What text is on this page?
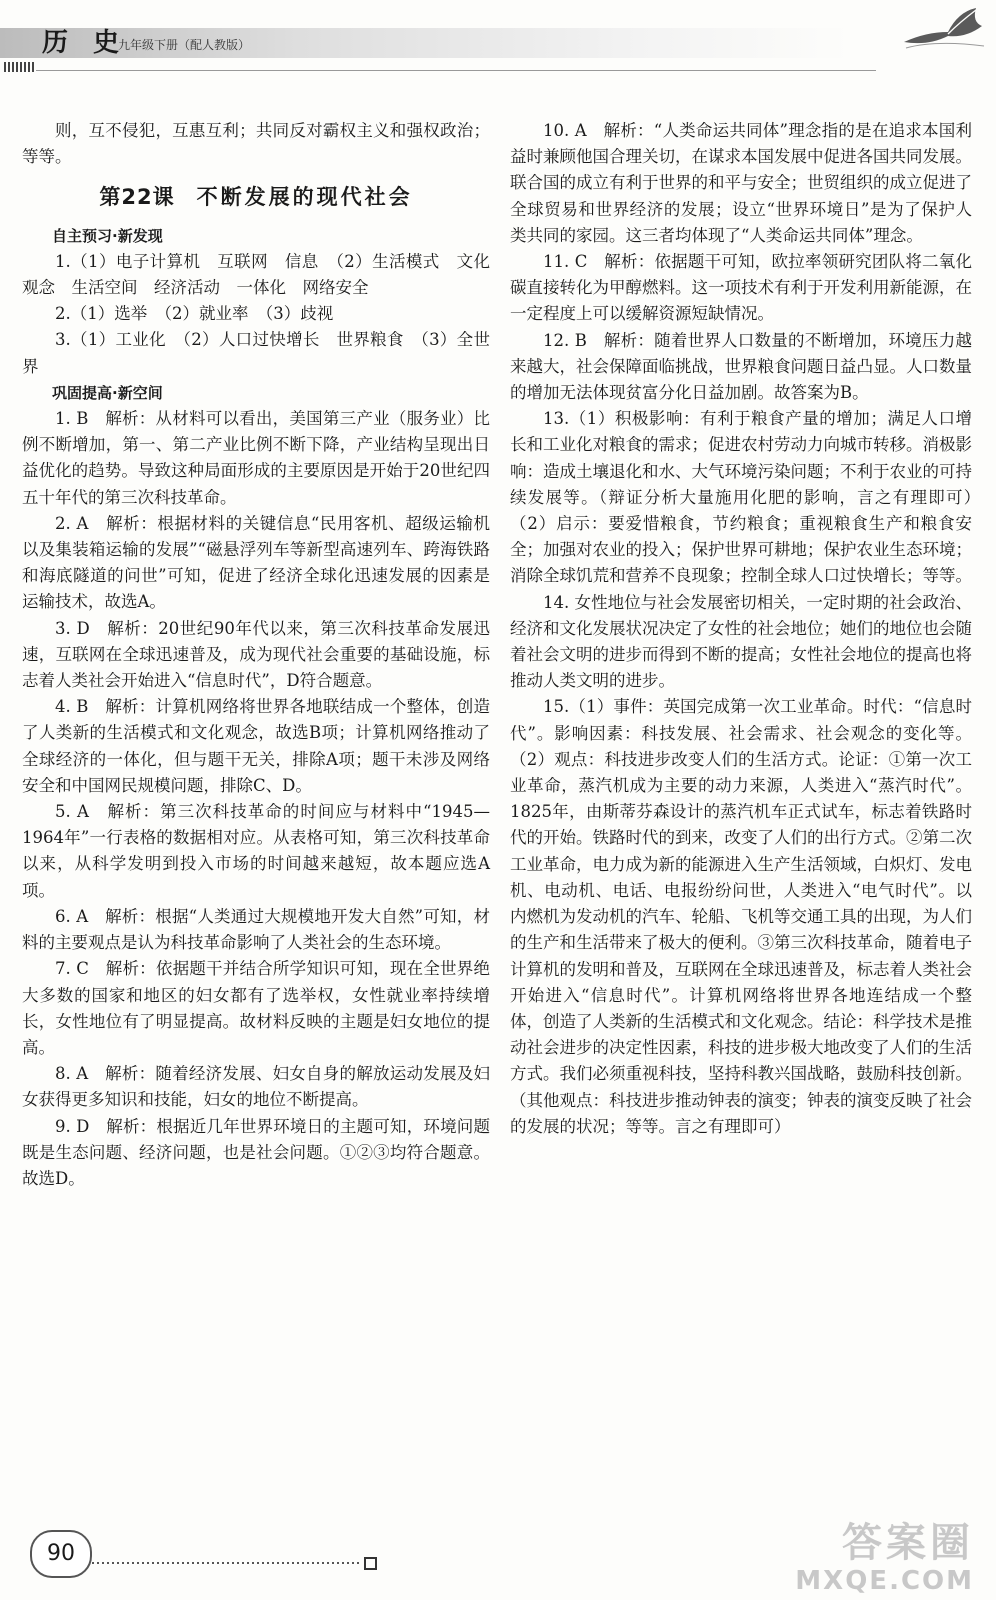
历 史
九年级下册（配人教版）

则，互不侵犯，互惠互利；共同反对霸权主义和强权政治；等等。

第22课 不断发展的现代社会

自主预习·新发现

1.（1）电子计算机　互联网　信息　（2）生活模式　文化观念　生活空间　经济活动　一体化　网络安全

2.（1）选举　（2）就业率　（3）歧视

3.（1）工业化　（2）人口过快增长　世界粮食　（3）全世界

巩固提高·新空间

1. B　解析：从材料可以看出，美国第三产业（服务业）比例不断增加，第一、第二产业比例不断下降，产业结构呈现出日益优化的趋势。导致这种局面形成的主要原因是开始于20世纪四五十年代的第三次科技革命。

2. A　解析：根据材料的关键信息“民用客机、超级运输机以及集装箱运输的发展”“磁悬浮列车等新型高速列车、跨海铁路和海底隧道的问世”可知，促进了经济全球化迅速发展的因素是运输技术，故选A。

3. D　解析：20世纪90年代以来，第三次科技革命发展迅速，互联网在全球迅速普及，成为现代社会重要的基础设施，标志着人类社会开始进入“信息时代”，D符合题意。

4. B　解析：计算机网络将世界各地联结成一个整体，创造了人类新的生活模式和文化观念，故选B项；计算机网络推动了全球经济的一体化，但与题干无关，排除A项；题干未涉及网络安全和中国网民规模问题，排除C、D。

5. A　解析：第三次科技革命的时间应与材料中“1945—1964年”一行表格的数据相对应。从表格可知，第三次科技革命以来，从科学发明到投入市场的时间越来越短，故本题应选A项。

6. A　解析：根据“人类通过大规模地开发大自然”可知，材料的主要观点是认为科技革命影响了人类社会的生态环境。

7. C　解析：依据题干并结合所学知识可知，现在全世界绝大多数的国家和地区的妇女都有了选举权，女性就业率持续增长，女性地位有了明显提高。故材料反映的主题是妇女地位的提高。

8. A　解析：随着经济发展、妇女自身的解放运动发展及妇女获得更多知识和技能，妇女的地位不断提高。

9. D　解析：根据近几年世界环境日的主题可知，环境问题既是生态问题、经济问题，也是社会问题。①②③均符合题意。故选D。

10. A　解析：“人类命运共同体”理念指的是在追求本国利益时兼顾他国合理关切，在谋求本国发展中促进各国共同发展。联合国的成立有利于世界的和平与安全；世贸组织的成立促进了全球贸易和世界经济的发展；设立“世界环境日”是为了保护人类共同的家园。这三者均体现了“人类命运共同体”理念。

11. C　解析：依据题干可知，欧拉率领研究团队将二氧化碳直接转化为甲醇燃料。这一项技术有利于开发利用新能源，在一定程度上可以缓解资源短缺情况。

12. B　解析：随着世界人口数量的不断增加，环境压力越来越大，社会保障面临挑战，世界粮食问题日益凸显。人口数量的增加无法体现贫富分化日益加剧。故答案为B。

13.（1）积极影响：有利于粮食产量的增加；满足人口增长和工业化对粮食的需求；促进农村劳动力向城市转移。消极影响：造成土壤退化和水、大气环境污染问题；不利于农业的可持续发展等。（辩证分析大量施用化肥的影响，言之有理即可）　（2）启示：要爱惜粮食，节约粮食；重视粮食生产和粮食安全；加强对农业的投入；保护世界可耕地；保护农业生态环境；消除全球饥荒和营养不良现象；控制全球人口过快增长；等等。

14. 女性地位与社会发展密切相关，一定时期的社会政治、经济和文化发展状况决定了女性的社会地位；她们的地位也会随着社会文明的进步而得到不断的提高；女性社会地位的提高也将推动人类文明的进步。

15.（1）事件：英国完成第一次工业革命。时代：“信息时代”。影响因素：科技发展、社会需求、社会观念的变化等。（2）观点：科技进步改变人们的生活方式。论证：①第一次工业革命，蒸汽机成为主要的动力来源，人类进入“蒸汽时代”。1825年，由斯蒂芬森设计的蒸汽机车正式试车，标志着铁路时代的开始。铁路时代的到来，改变了人们的出行方式。②第二次工业革命，电力成为新的能源进入生产生活领域，白炽灯、发电机、电动机、电话、电报纷纷问世，人类进入“电气时代”。以内燃机为发动机的汽车、轮船、飞机等交通工具的出现，为人们的生产和生活带来了极大的便利。③第三次科技革命，随着电子计算机的发明和普及，互联网在全球迅速普及，标志着人类社会开始进入“信息时代”。计算机网络将世界各地连结成一个整体，创造了人类新的生活模式和文化观念。结论：科学技术是推动社会进步的决定性因素，科技的进步极大地改变了人们的生活方式。我们必须重视科技，坚持科教兴国战略，鼓励科技创新。（其他观点：科技进步推动钟表的演变；钟表的演变反映了社会的发展的状况；等等。言之有理即可）

90	答案圈
MXQE.COM
